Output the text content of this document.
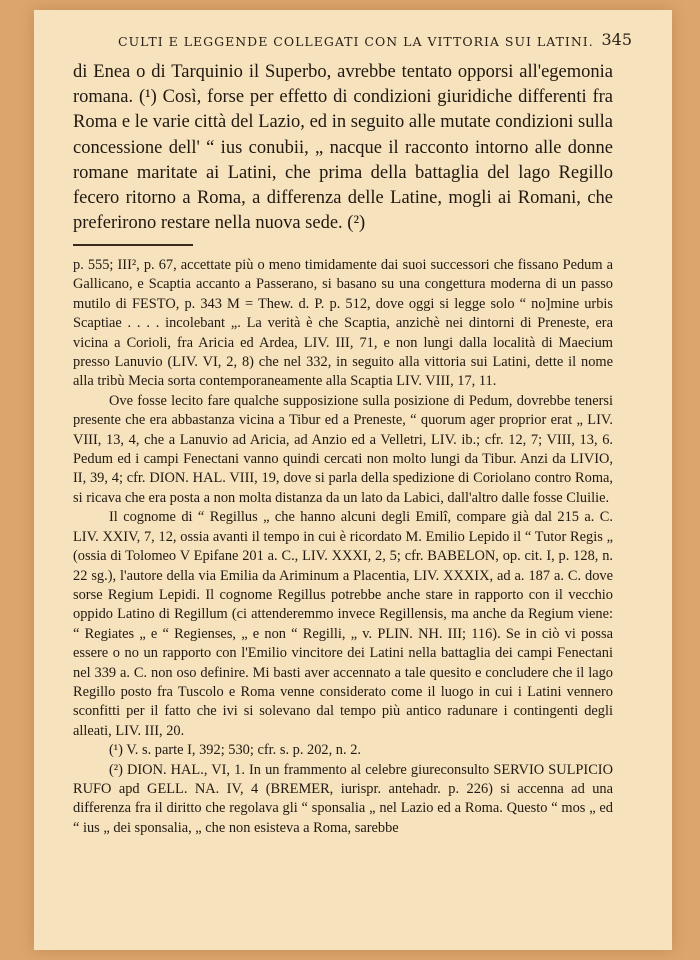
CULTI E LEGGENDE COLLEGATI CON LA VITTORIA SUI LATINI. 345

di Enea o di Tarquinio il Superbo, avrebbe tentato opporsi all'egemonia romana. (¹) Così, forse per effetto di condizioni giuridiche differenti fra Roma e le varie città del Lazio, ed in seguito alle mutate condizioni sulla concessione dell' “ ius conubii, „ nacque il racconto intorno alle donne romane maritate ai Latini, che prima della battaglia del lago Regillo fecero ritorno a Roma, a differenza delle Latine, mogli ai Romani, che preferirono restare nella nuova sede. (²)

p. 555; III², p. 67, accettate più o meno timidamente dai suoi successori che fissano Pedum a Gallicano, e Scaptia accanto a Passerano, si basano su una congettura moderna di un passo mutilo di FESTO, p. 343 M = Thew. d. P. p. 512, dove oggi si legge solo “ no]mine urbis Scaptiae . . . . incolebant „. La verità è che Scaptia, anzichè nei dintorni di Preneste, era vicina a Corioli, fra Aricia ed Ardea, LIV. III, 71, e non lungi dalla località di Maecium presso Lanuvio (LIV. VI, 2, 8) che nel 332, in seguito alla vittoria sui Latini, dette il nome alla tribù Mecia sorta contemporaneamente alla Scaptia LIV. VIII, 17, 11.

Ove fosse lecito fare qualche supposizione sulla posizione di Pedum, dovrebbe tenersi presente che era abbastanza vicina a Tibur ed a Preneste, “ quorum ager proprior erat „ LIV. VIII, 13, 4, che a Lanuvio ad Aricia, ad Anzio ed a Velletri, LIV. ib.; cfr. 12, 7; VIII, 13, 6. Pedum ed i campi Fenectani vanno quindi cercati non molto lungi da Tibur. Anzi da LIVIO, II, 39, 4; cfr. DION. HAL. VIII, 19, dove si parla della spedizione di Coriolano contro Roma, si ricava che era posta a non molta distanza da un lato da Labici, dall'altro dalle fosse Cluilie.

Il cognome di “ Regillus „ che hanno alcuni degli Emilî, compare già dal 215 a. C. LIV. XXIV, 7, 12, ossia avanti il tempo in cui è ricordato M. Emilio Lepido il “ Tutor Regis „ (ossia di Tolomeo V Epifane 201 a. C., LIV. XXXI, 2, 5; cfr. BABELON, op. cit. I, p. 128, n. 22 sg.), l'autore della via Emilia da Ariminum a Placentia, LIV. XXXIX, ad a. 187 a. C. dove sorse Regium Lepidi. Il cognome Regillus potrebbe anche stare in rapporto con il vecchio oppido Latino di Regillum (ci attenderemmo invece Regillensis, ma anche da Regium viene: “ Regiates „ e “ Regienses, „ e non “ Regilli, „ v. PLIN. NH. III; 116). Se in ciò vi possa essere o no un rapporto con l'Emilio vincitore dei Latini nella battaglia dei campi Fenectani nel 339 a. C. non oso definire. Mi basti aver accennato a tale quesito e concludere che il lago Regillo posto fra Tuscolo e Roma venne considerato come il luogo in cui i Latini vennero sconfitti per il fatto che ivi si solevano dal tempo più antico radunare i contingenti degli alleati, LIV. III, 20.

(¹) V. s. parte I, 392; 530; cfr. s. p. 202, n. 2.

(²) DION. HAL., VI, 1. In un frammento al celebre giureconsulto SERVIO SULPICIO RUFO apd GELL. NA. IV, 4 (BREMER, iurispr. antehadr. p. 226) si accenna ad una differenza fra il diritto che regolava gli “ sponsalia „ nel Lazio ed a Roma. Questo “ mos „ ed “ ius „ dei sponsalia, „ che non esisteva a Roma, sarebbe
